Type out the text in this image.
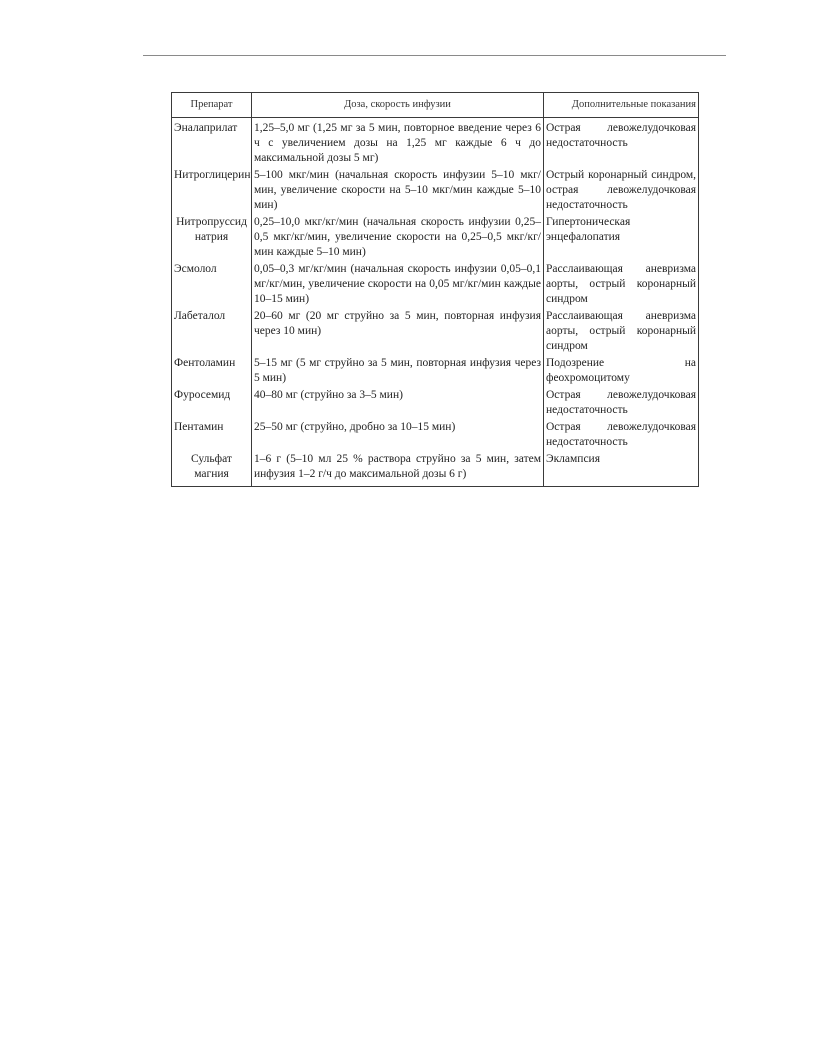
Препарат	Доза, скорость инфузии	Дополнительные показания
Эналаприлат	1,25–5,0 мг (1,25 мг за 5 мин, повторное введение через 6 ч с увеличением дозы на 1,25 мг каждые 6 ч до максимальной дозы 5 мг)	Острая левожелудочковая недостаточность
Нитроглицерин	5–100 мкг/мин (начальная скорость инфузии 5–10 мкг/мин, увеличение скорости на 5–10 мкг/мин каждые 5–10 мин)	Острый коронарный синдром, острая левожелудочковая недостаточность
Нитропруссид натрия	0,25–10,0 мкг/кг/мин (начальная скорость инфузии 0,25–0,5 мкг/кг/мин, увеличение скорости на 0,25–0,5 мкг/кг/мин каждые 5–10 мин)	Гипертоническая энцефалопатия
Эсмолол	0,05–0,3 мг/кг/мин (начальная скорость инфузии 0,05–0,1 мг/кг/мин, увеличение скорости на 0,05 мг/кг/мин каждые 10–15 мин)	Расслаивающая аневризма аорты, острый коронарный синдром
Лабеталол	20–60 мг (20 мг струйно за 5 мин, повторная инфузия через 10 мин)	Расслаивающая аневризма аорты, острый коронарный синдром
Фентоламин	5–15 мг (5 мг струйно за 5 мин, повторная инфузия через 5 мин)	Подозрение на феохромоцитому
Фуросемид	40–80 мг (струйно за 3–5 мин)	Острая левожелудочковая недостаточность
Пентамин	25–50 мг (струйно, дробно за 10–15 мин)	Острая левожелудочковая недостаточность
Сульфат магния	1–6 г (5–10 мл 25 % раствора струйно за 5 мин, затем инфузия 1–2 г/ч до максимальной дозы 6 г)	Эклампсия
